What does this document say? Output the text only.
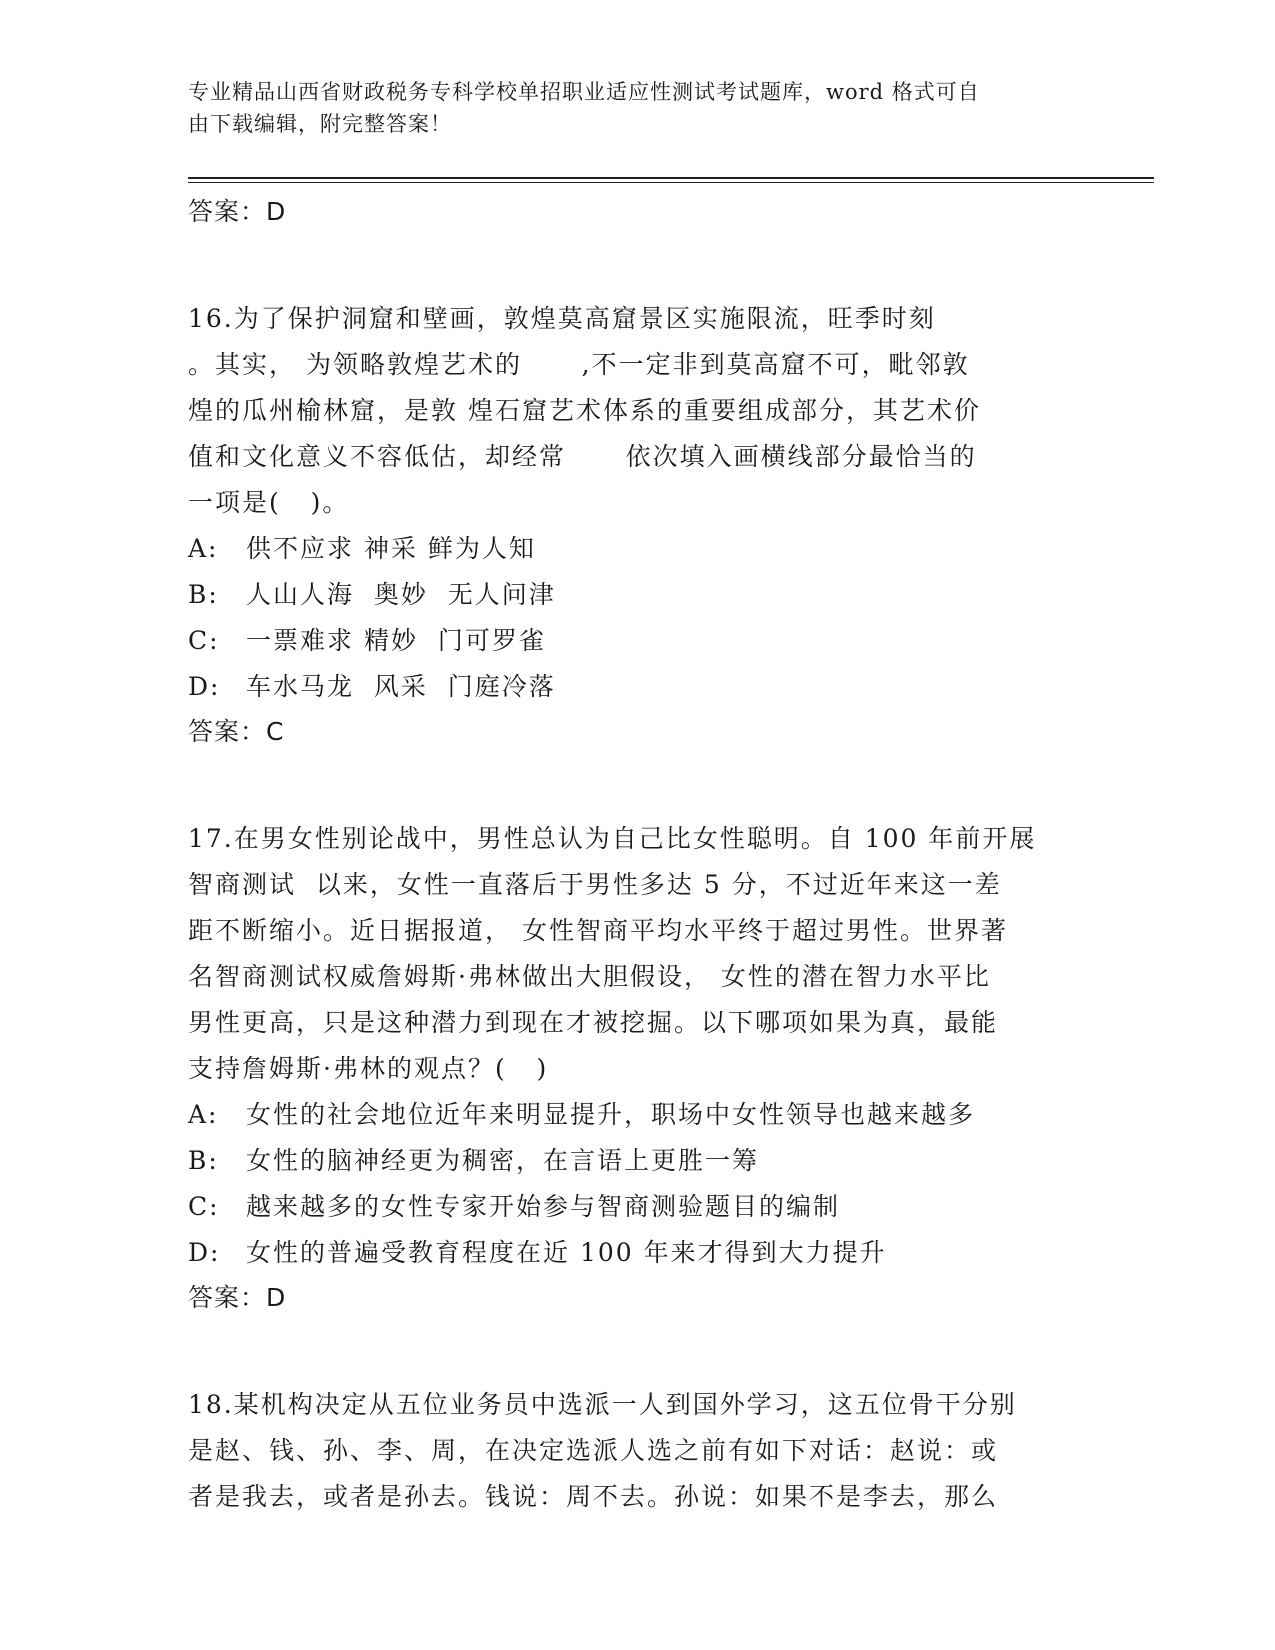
专业精品山西省财政税务专科学校单招职业适应性测试考试题库，word 格式可自
由下载编辑，附完整答案！
答案：D
16.为了保护洞窟和壁画，敦煌莫高窟景区实施限流，旺季时刻
。其实， 为领略敦煌艺术的      ,不一定非到莫高窟不可，毗邻敦
煌的瓜州榆林窟，是敦 煌石窟艺术体系的重要组成部分，其艺术价
值和文化意义不容低估，却经常      依次填入画横线部分最恰当的
一项是(   )。
A: 供不应求 神采 鲜为人知
B: 人山人海  奥妙  无人问津
C: 一票难求 精妙  门可罗雀
D: 车水马龙  风采  门庭冷落
答案：C
17.在男女性别论战中，男性总认为自己比女性聪明。自 100 年前开展
智商测试  以来，女性一直落后于男性多达 5 分，不过近年来这一差
距不断缩小。近日据报道， 女性智商平均水平终于超过男性。世界著
名智商测试权威詹姆斯·弗林做出大胆假设， 女性的潜在智力水平比
男性更高，只是这种潜力到现在才被挖掘。以下哪项如果为真，最能
支持詹姆斯·弗林的观点？(   )
A: 女性的社会地位近年来明显提升，职场中女性领导也越来越多
B: 女性的脑神经更为稠密，在言语上更胜一筹
C: 越来越多的女性专家开始参与智商测验题目的编制
D: 女性的普遍受教育程度在近 100 年来才得到大力提升
答案：D
18.某机构决定从五位业务员中选派一人到国外学习，这五位骨干分别
是赵、钱、孙、李、周，在决定选派人选之前有如下对话：赵说：或
者是我去，或者是孙去。钱说：周不去。孙说：如果不是李去，那么
